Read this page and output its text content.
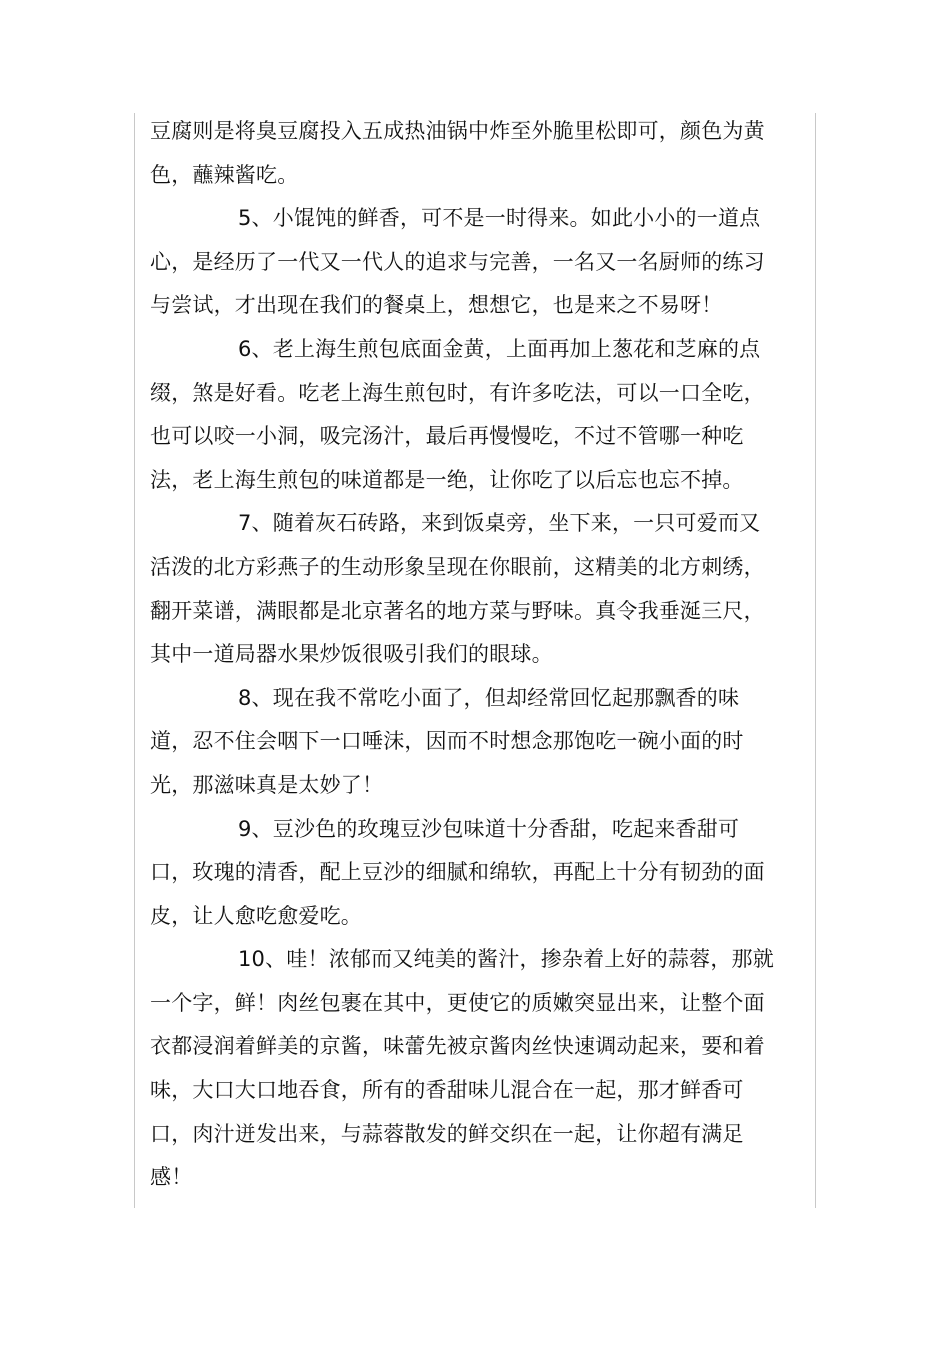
豆腐则是将臭豆腐投入五成热油锅中炸至外脆里松即可，颜色为黄
色，蘸辣酱吃。
5、小馄饨的鲜香，可不是一时得来。如此小小的一道点
心，是经历了一代又一代人的追求与完善，一名又一名厨师的练习
与尝试，才出现在我们的餐桌上，想想它，也是来之不易呀！
6、老上海生煎包底面金黄，上面再加上葱花和芝麻的点
缀，煞是好看。吃老上海生煎包时，有许多吃法，可以一口全吃，
也可以咬一小洞，吸完汤汁，最后再慢慢吃，不过不管哪一种吃
法，老上海生煎包的味道都是一绝，让你吃了以后忘也忘不掉。
7、随着灰石砖路，来到饭桌旁，坐下来，一只可爱而又
活泼的北方彩燕子的生动形象呈现在你眼前，这精美的北方刺绣，
翻开菜谱，满眼都是北京著名的地方菜与野味。真令我垂涎三尺，
其中一道局器水果炒饭很吸引我们的眼球。
8、现在我不常吃小面了，但却经常回忆起那飘香的味
道，忍不住会咽下一口唾沫，因而不时想念那饱吃一碗小面的时
光，那滋味真是太妙了！
9、豆沙色的玫瑰豆沙包味道十分香甜，吃起来香甜可
口，玫瑰的清香，配上豆沙的细腻和绵软，再配上十分有韧劲的面
皮，让人愈吃愈爱吃。
10、哇！浓郁而又纯美的酱汁，掺杂着上好的蒜蓉，那就
一个字，鲜！肉丝包裹在其中，更使它的质嫩突显出来，让整个面
衣都浸润着鲜美的京酱，味蕾先被京酱肉丝快速调动起来，要和着
味，大口大口地吞食，所有的香甜味儿混合在一起，那才鲜香可
口，肉汁迸发出来，与蒜蓉散发的鲜交织在一起，让你超有满足
感！
